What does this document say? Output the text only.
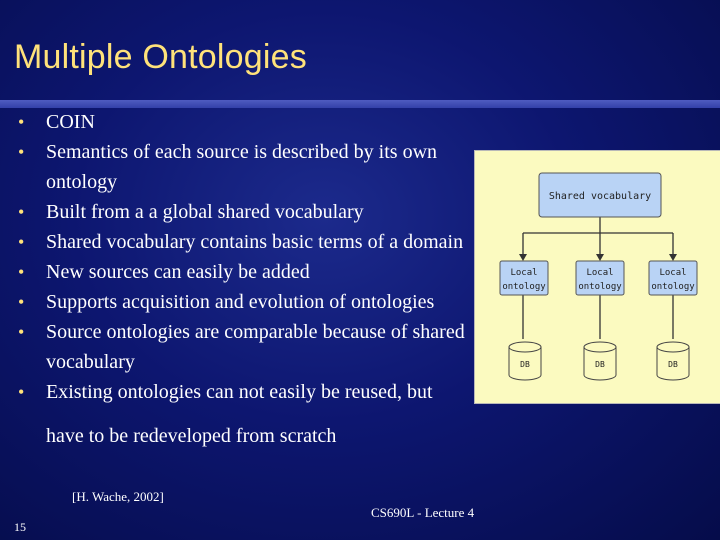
Multiple Ontologies
• COIN
• Semantics of each source is described by its own ontology
• Built from a a global shared vocabulary
• Shared vocabulary contains basic terms of a domain
• New sources can easily be added
• Supports acquisition and evolution of ontologies
• Source ontologies are comparable because of shared vocabulary
• Existing ontologies can not easily be reused, but
have to be redeveloped from scratch
Shared vocabulary
Local
ontology
Local
ontology
Local
ontology
DB	DB	DB
[H. Wache, 2002]
CS690L - Lecture 4
15
